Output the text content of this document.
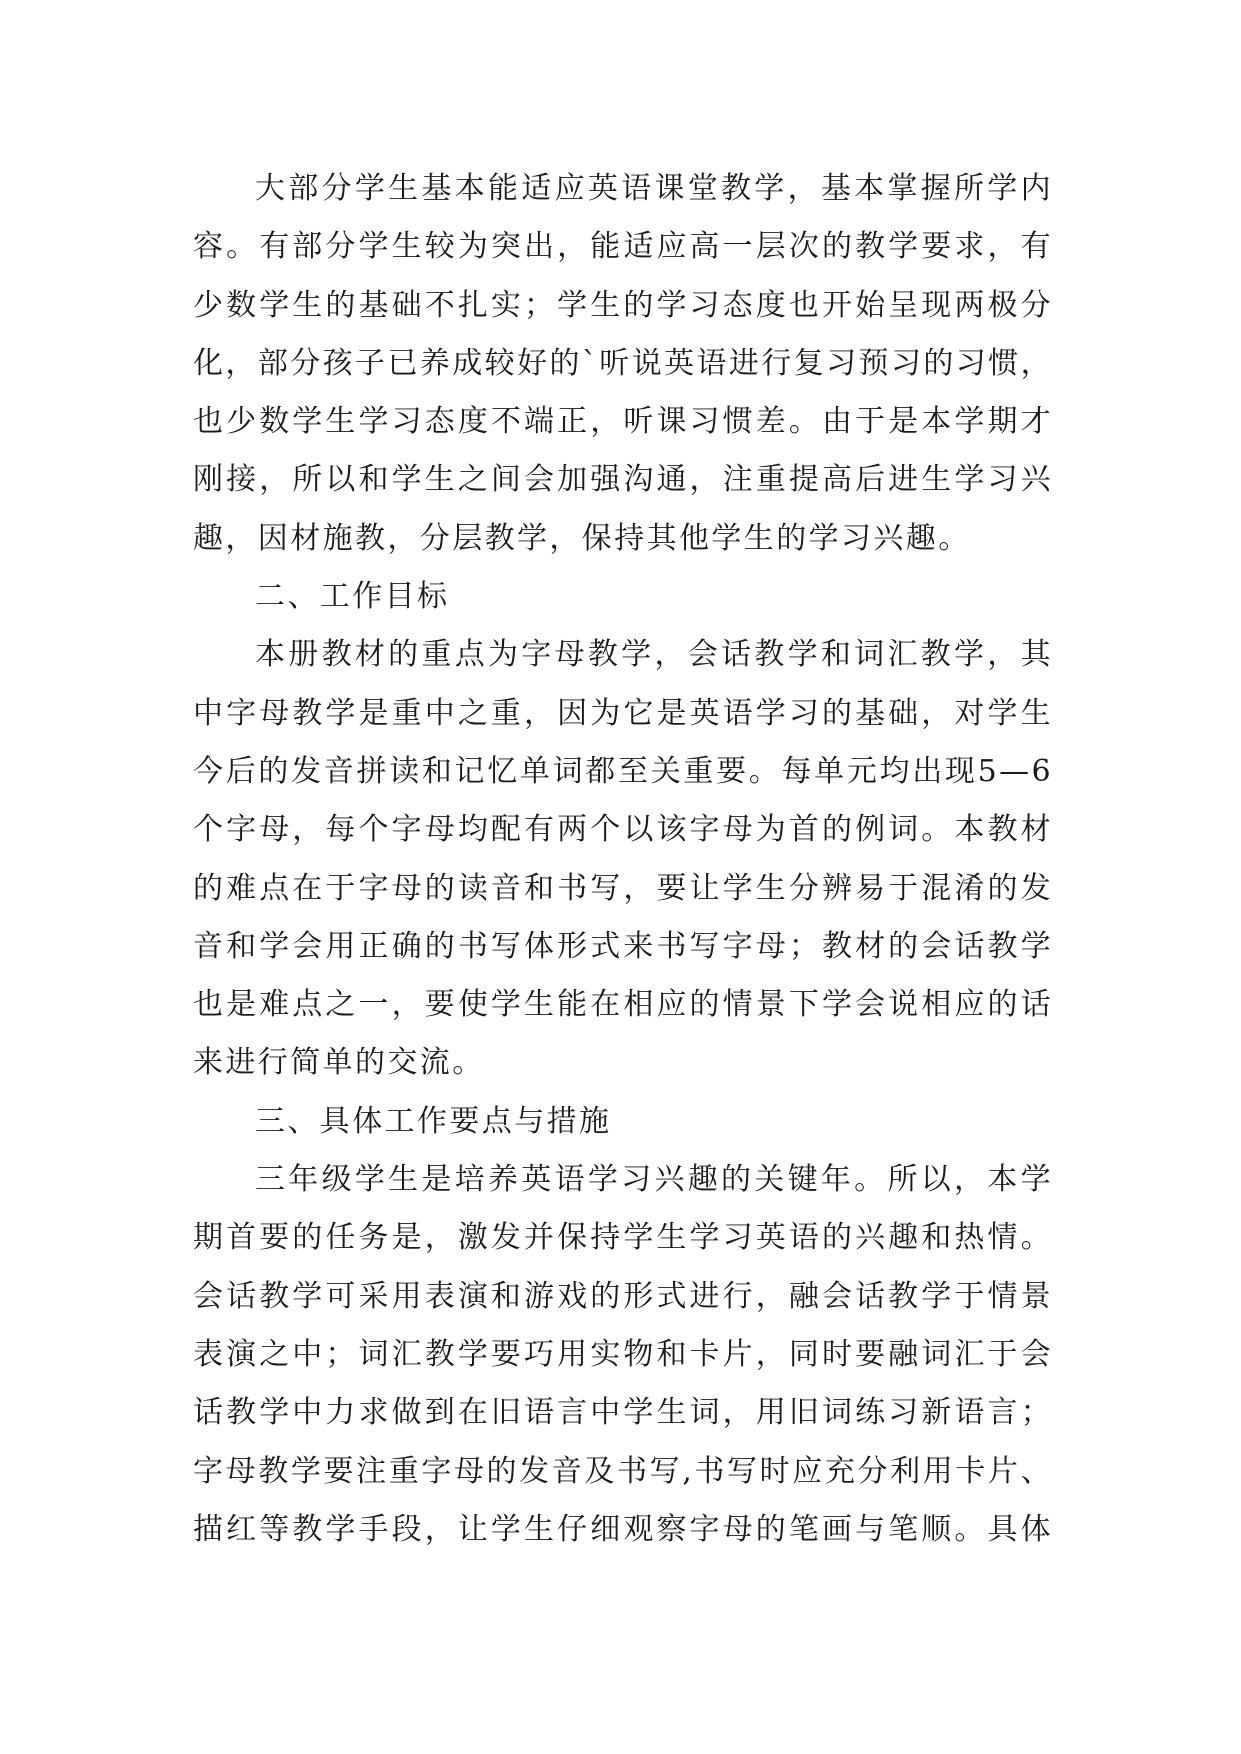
大部分学生基本能适应英语课堂教学，基本掌握所学内
容。有部分学生较为突出，能适应高一层次的教学要求，有
少数学生的基础不扎实；学生的学习态度也开始呈现两极分
化，部分孩子已养成较好的`听说英语进行复习预习的习惯，
也少数学生学习态度不端正，听课习惯差。由于是本学期才
刚接，所以和学生之间会加强沟通，注重提高后进生学习兴
趣，因材施教，分层教学，保持其他学生的学习兴趣。
二、工作目标
本册教材的重点为字母教学，会话教学和词汇教学，其
中字母教学是重中之重，因为它是英语学习的基础，对学生
今后的发音拼读和记忆单词都至关重要。每单元均出现5—6
个字母，每个字母均配有两个以该字母为首的例词。本教材
的难点在于字母的读音和书写，要让学生分辨易于混淆的发
音和学会用正确的书写体形式来书写字母；教材的会话教学
也是难点之一，要使学生能在相应的情景下学会说相应的话
来进行简单的交流。
三、具体工作要点与措施
三年级学生是培养英语学习兴趣的关键年。所以，本学
期首要的任务是，激发并保持学生学习英语的兴趣和热情。
会话教学可采用表演和游戏的形式进行，融会话教学于情景
表演之中；词汇教学要巧用实物和卡片，同时要融词汇于会
话教学中力求做到在旧语言中学生词，用旧词练习新语言；
字母教学要注重字母的发音及书写,书写时应充分利用卡片、
描红等教学手段，让学生仔细观察字母的笔画与笔顺。具体
